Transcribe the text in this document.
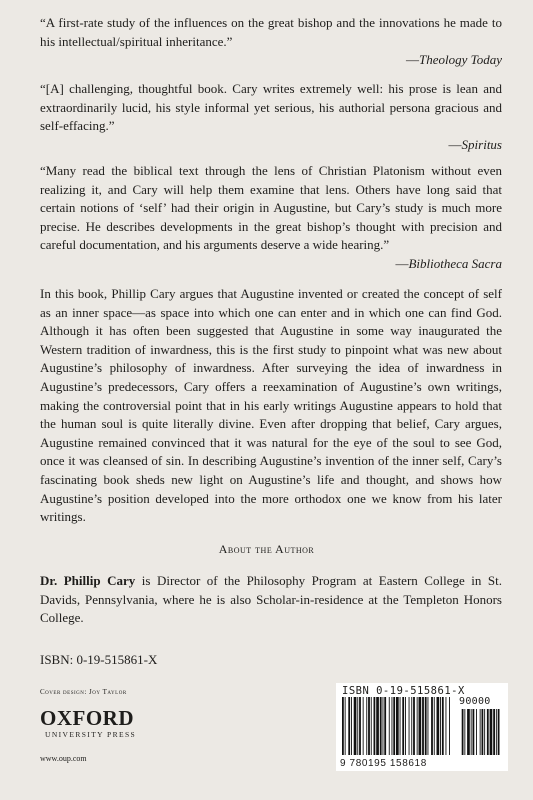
“A first-rate study of the influences on the great bishop and the innovations he made to his intellectual/spiritual inheritance.”

—Theology Today

“[A] challenging, thoughtful book. Cary writes extremely well: his prose is lean and extraordinarily lucid, his style informal yet serious, his authorial persona gracious and self-effacing.”

—Spiritus

“Many read the biblical text through the lens of Christian Platonism without even realizing it, and Cary will help them examine that lens. Others have long said that certain notions of ‘self’ had their origin in Augustine, but Cary’s study is much more precise. He describes developments in the great bishop’s thought with precision and careful documentation, and his arguments deserve a wide hearing.”

—Bibliotheca Sacra

In this book, Phillip Cary argues that Augustine invented or created the concept of self as an inner space—as space into which one can enter and in which one can find God. Although it has often been suggested that Augustine in some way inaugurated the Western tradition of inwardness, this is the first study to pinpoint what was new about Augustine’s philosophy of inwardness. After surveying the idea of inwardness in Augustine’s predecessors, Cary offers a reexamination of Augustine’s own writings, making the controversial point that in his early writings Augustine appears to hold that the human soul is quite literally divine. Even after dropping that belief, Cary argues, Augustine remained convinced that it was natural for the eye of the soul to see God, once it was cleansed of sin. In describing Augustine’s invention of the inner self, Cary’s fascinating book sheds new light on Augustine’s life and thought, and shows how Augustine’s position developed into the more orthodox one we know from his later writings.
About the Author
Dr. Phillip Cary is Director of the Philosophy Program at Eastern College in St. Davids, Pennsylvania, where he is also Scholar-in-residence at the Templeton Honors College.
ISBN: 0-19-515861-X
Cover design: Joy Taylor
OXFORD
UNIVERSITY PRESS
www.oup.com
ISBN 0-19-515861-X
90000
9 780195 158618
